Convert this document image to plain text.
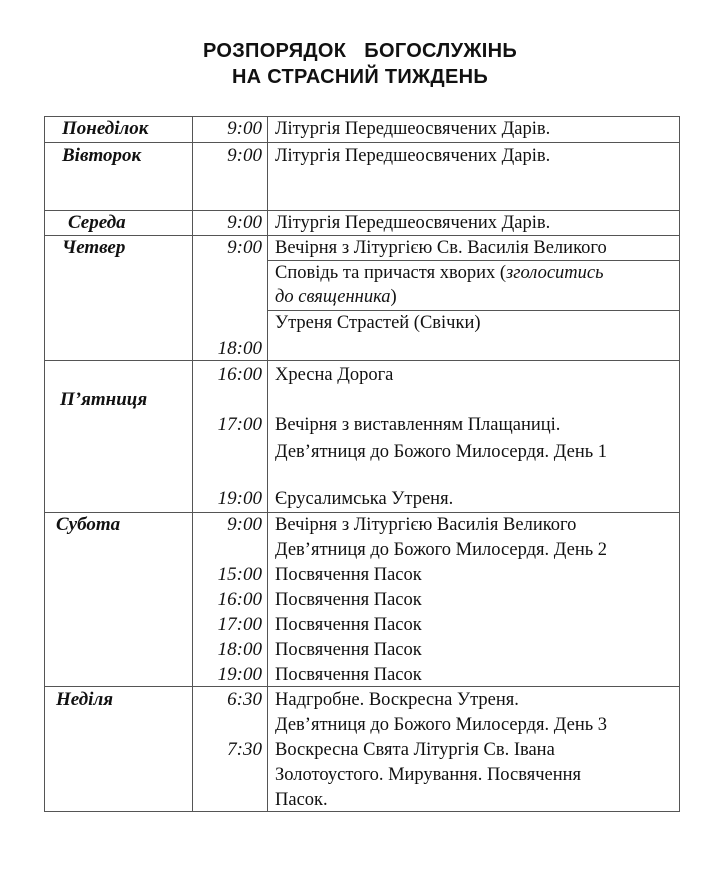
РОЗПОРЯДОК БОГОСЛУЖІНЬ
НА СТРАСНИЙ ТИЖДЕНЬ
Понеділок
Вівторок
Середа
Четвер
П’ятниця
Субота
Неділя
9:00
9:00
9:00
9:00
18:00
16:00
17:00
19:00
9:00
15:00
16:00
17:00
18:00
19:00
6:30
7:30
Літургія Передшеосвячених Дарів.
Літургія Передшеосвячених Дарів.
Літургія Передшеосвячених Дарів.
Вечірня з Літургією Св. Василія Великого
Сповідь та причастя хворих (зголоситись
до священника)
Утреня Страстей (Свічки)
Хресна Дорога
Вечірня з виставленням Плащаниці.
Дев’ятниця до Божого Милосердя. День 1
Єрусалимська Утреня.
Вечірня з Літургією Василія Великого
Дев’ятниця до Божого Милосердя. День 2
Посвячення Пасок
Посвячення Пасок
Посвячення Пасок
Посвячення Пасок
Посвячення Пасок
Надгробне. Воскресна Утреня.
Дев’ятниця до Божого Милосердя. День 3
Воскресна Свята Літургія Св. Івана
Золотоустого. Мирування. Посвячення
Пасок.
